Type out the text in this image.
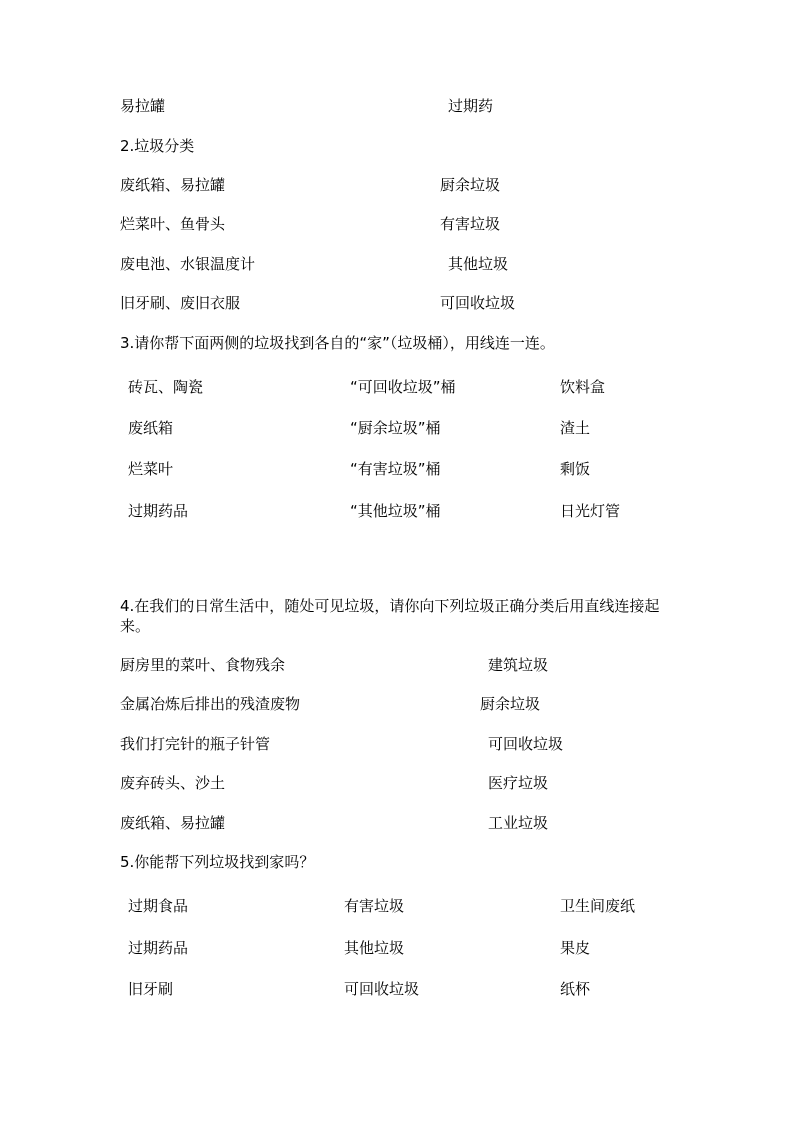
易拉罐	过期药
2.垃圾分类
废纸箱、易拉罐	厨余垃圾
烂菜叶、鱼骨头	有害垃圾
废电池、水银温度计	其他垃圾
旧牙刷、废旧衣服	可回收垃圾
3.请你帮下面两侧的垃圾找到各自的“家”（垃圾桶），用线连一连。
砖瓦、陶瓷	“可回收垃圾”桶	饮料盒
废纸箱	“厨余垃圾”桶	渣土
烂菜叶	“有害垃圾”桶	剩饭
过期药品	“其他垃圾”桶	日光灯管
4.在我们的日常生活中，随处可见垃圾，请你向下列垃圾正确分类后用直线连接起来。
厨房里的菜叶、食物残余	建筑垃圾
金属冶炼后排出的残渣废物	厨余垃圾
我们打完针的瓶子针管	可回收垃圾
废弃砖头、沙土	医疗垃圾
废纸箱、易拉罐	工业垃圾
5.你能帮下列垃圾找到家吗？
过期食品	有害垃圾	卫生间废纸
过期药品	其他垃圾	果皮
旧牙刷	可回收垃圾	纸杯
